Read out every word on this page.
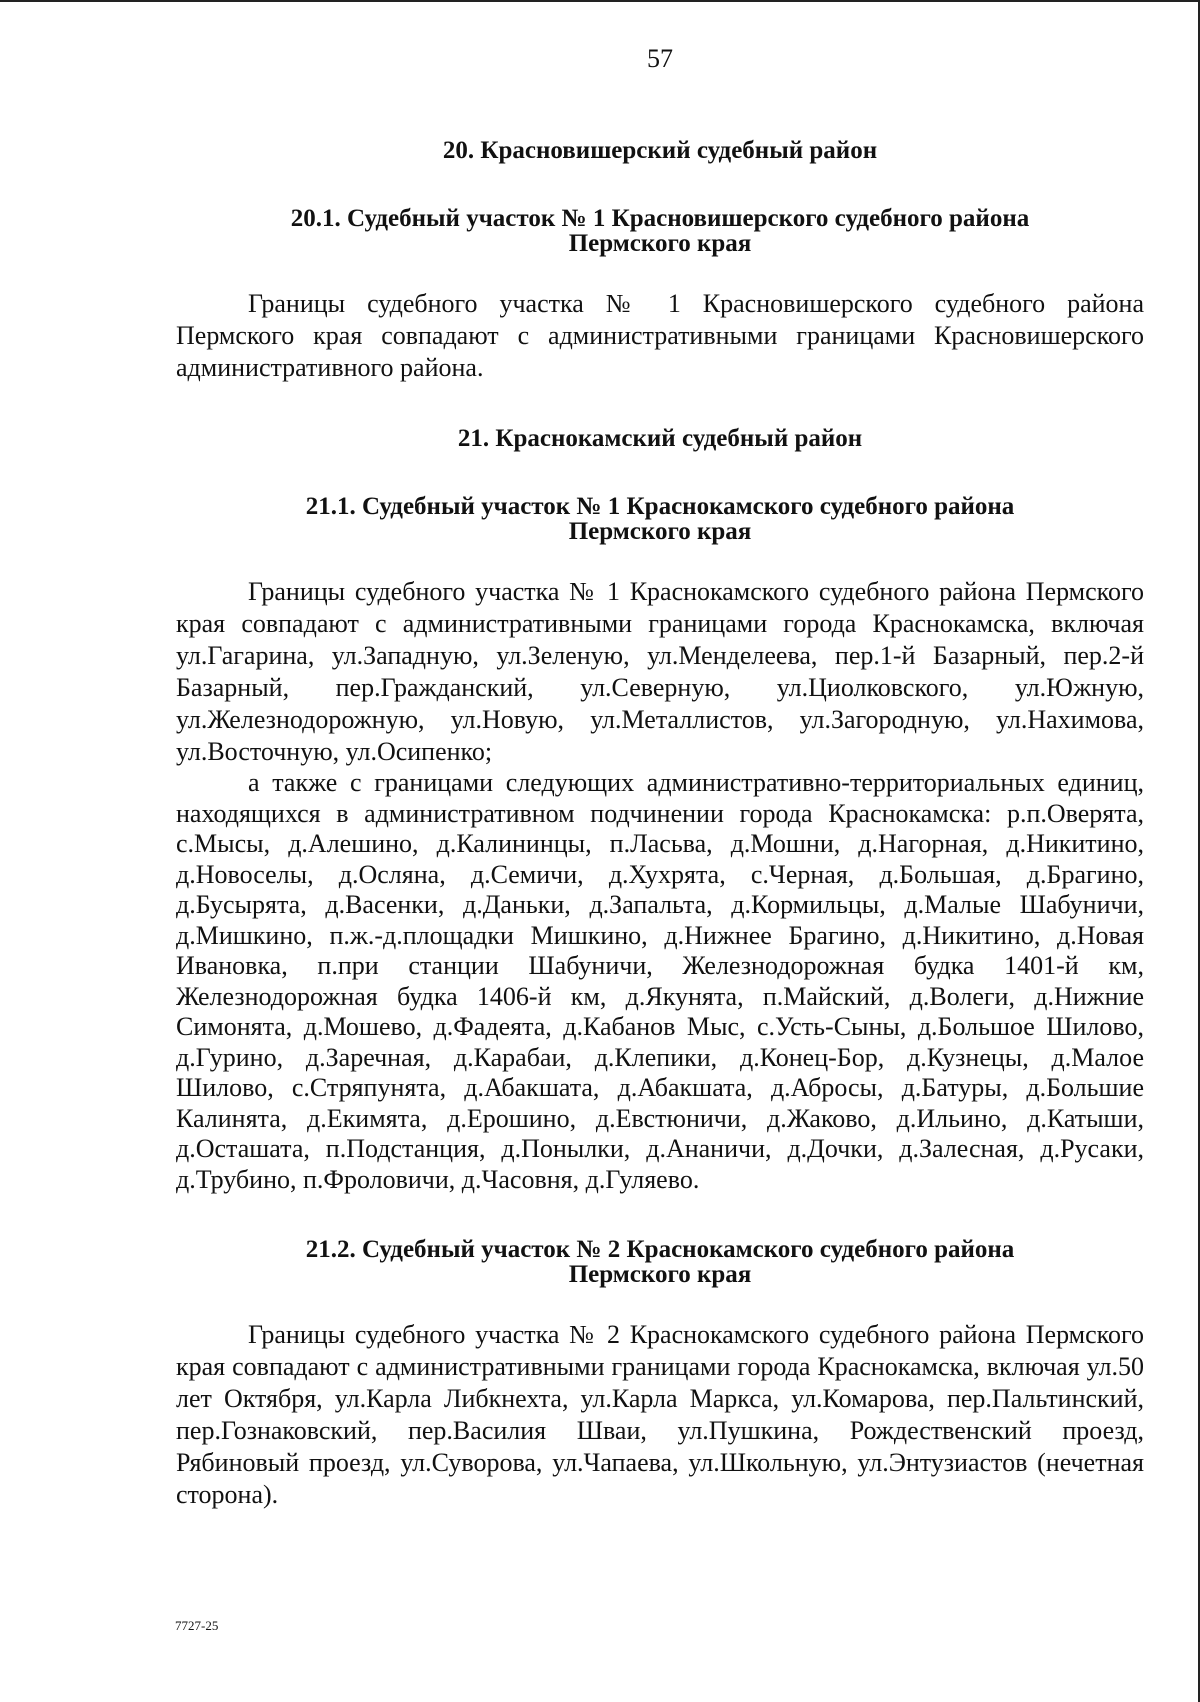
57
20. Красновишерский судебный район
20.1. Судебный участок № 1 Красновишерского судебного района
Пермского края

Границы судебного участка № 1 Красновишерского судебного района Пермского края совпадают с административными границами Красновишерского административного района.

21. Краснокамский судебный район
21.1. Судебный участок № 1 Краснокамского судебного района
Пермского края

Границы судебного участка № 1 Краснокамского судебного района Пермского края совпадают с административными границами города Краснокамска, включая ул.Гагарина, ул.Западную, ул.Зеленую, ул.Менделеева, пер.1-й Базарный, пер.2-й Базарный, пер.Гражданский, ул.Северную, ул.Циолковского, ул.Южную, ул.Железнодорожную, ул.Новую, ул.Металлистов, ул.Загородную, ул.Нахимова, ул.Восточную, ул.Осипенко;

а также с границами следующих административно-территориальных единиц, находящихся в административном подчинении города Краснокамска: р.п.Оверята, с.Мысы, д.Алешино, д.Калининцы, п.Ласьва, д.Мошни, д.Нагорная, д.Никитино, д.Новоселы, д.Осляна, д.Семичи, д.Хухрята, с.Черная, д.Большая, д.Брагино, д.Бусырята, д.Васенки, д.Даньки, д.Запальта, д.Кормильцы, д.Малые Шабуничи, д.Мишкино, п.ж.-д.площадки Мишкино, д.Нижнее Брагино, д.Никитино, д.Новая Ивановка, п.при станции Шабуничи, Железнодорожная будка 1401-й км, Железнодорожная будка 1406-й км, д.Якунята, п.Майский, д.Волеги, д.Нижние Симонята, д.Мошево, д.Фадеята, д.Кабанов Мыс, с.Усть-Сыны, д.Большое Шилово, д.Гурино, д.Заречная, д.Карабаи, д.Клепики, д.Конец-Бор, д.Кузнецы, д.Малое Шилово, с.Стряпунята, д.Абакшата, д.Абакшата, д.Абросы, д.Батуры, д.Большие Калинята, д.Екимята, д.Ерошино, д.Евстюничи, д.Жаково, д.Ильино, д.Катыши, д.Осташата, п.Подстанция, д.Понылки, д.Ананичи, д.Дочки, д.Залесная, д.Русаки, д.Трубино, п.Фроловичи, д.Часовня, д.Гуляево.

21.2. Судебный участок № 2 Краснокамского судебного района
Пермского края

Границы судебного участка № 2 Краснокамского судебного района Пермского края совпадают с административными границами города Краснокамска, включая ул.50 лет Октября, ул.Карла Либкнехта, ул.Карла Маркса, ул.Комарова, пер.Пальтинский, пер.Гознаковский, пер.Василия Шваи, ул.Пушкина, Рождественский проезд, Рябиновый проезд, ул.Суворова, ул.Чапаева, ул.Школьную, ул.Энтузиастов (нечетная сторона).

7727-25
